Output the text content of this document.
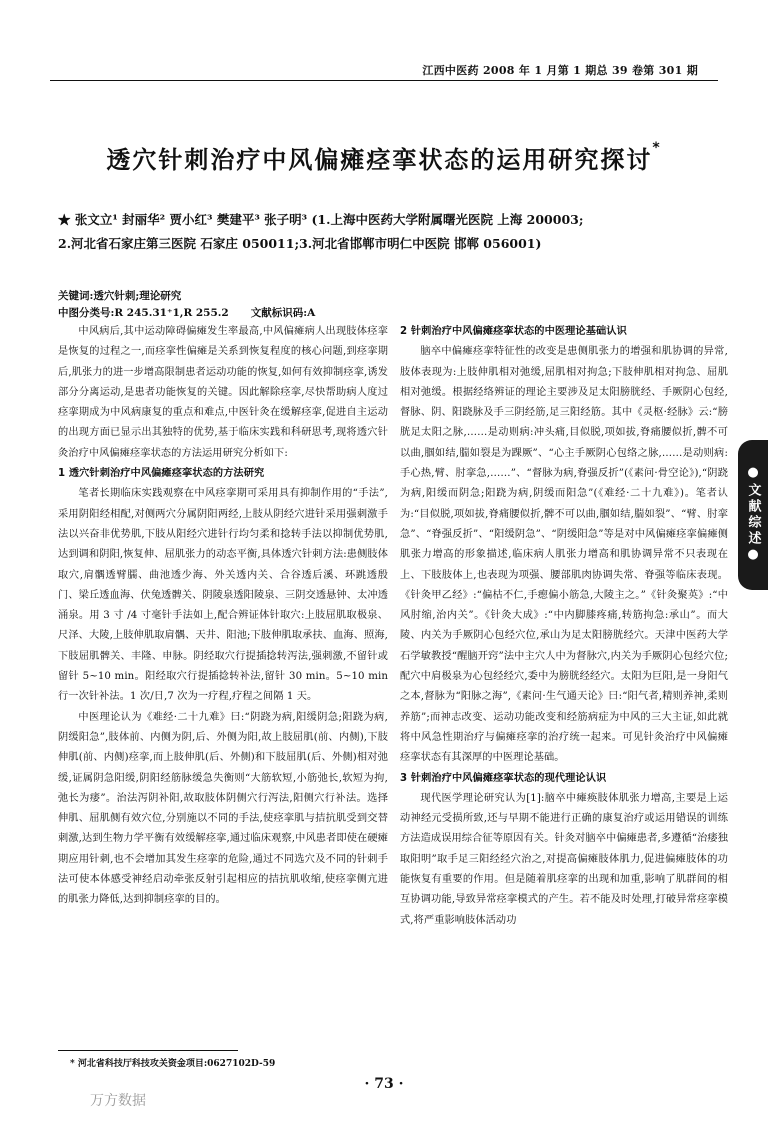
江西中医药 2008 年 1 月第 1 期总 39 卷第 301 期
透穴针刺治疗中风偏瘫痉挛状态的运用研究探讨*
★ 张文立¹ 封丽华² 贾小红³ 樊建平³ 张子明³ (1.上海中医药大学附属曙光医院 上海 200003;
2.河北省石家庄第三医院 石家庄 050011;3.河北省邯郸市明仁中医院 邯郸 056001)
关键词:透穴针刺;理论研究
中图分类号:R 245.31⁺1,R 255.2 文献标识码:A

中风病后,其中运动障碍偏瘫发生率最高,中风偏瘫病人出现肢体痉挛是恢复的过程之一,而痉挛性偏瘫是关系到恢复程度的核心问题,到痉挛期后,肌张力的进一步增高限制患者运动功能的恢复,如何有效抑制痉挛,诱发部分分离运动,是患者功能恢复的关键。因此解除痉挛,尽快帮助病人度过痉挛期成为中风病康复的重点和难点,中医针灸在缓解痉挛,促进自主运动的出现方面已显示出其独特的优势,基于临床实践和科研思考,现将透穴针灸治疗中风偏瘫痉挛状态的方法运用研究分析如下:

1 透穴针刺治疗中风偏瘫痉挛状态的方法研究

笔者长期临床实践观察在中风痉挛期可采用具有抑制作用的“手法”,采用阴阳经相配,对侧两穴分属阴阳两经,上肢从阴经穴进针采用强刺激手法以兴奋非优势肌,下肢从阳经穴进针行均匀柔和捻转手法以抑制优势肌,达到调和阴阳,恢复伸、屈肌张力的动态平衡,具体透穴针刺方法:患侧肢体取穴,肩髃透臂臑、曲池透少海、外关透内关、合谷透后溪、环跳透殷门、梁丘透血海、伏兔透髀关、阴陵泉透阳陵泉、三阴交透悬钟、太冲透涌泉。用 3 寸 /4 寸毫针手法如上,配合辨证体针取穴:上肢屈肌取极泉、尺泽、大陵,上肢伸肌取肩髃、天井、阳池;下肢伸肌取承扶、血海、照海,下肢屈肌髀关、丰隆、申脉。阴经取穴行提插捻转泻法,强刺激,不留针或留针 5~10 min。阳经取穴行提插捻转补法,留针 30 min。5~10 min 行一次针补法。1 次/日,7 次为一疗程,疗程之间隔 1 天。

中医理论认为《难经·二十九难》曰:“阴跷为病,阳缓阴急;阳跷为病,阴缓阳急”,肢体前、内侧为阴,后、外侧为阳,故上肢屈肌(前、内侧),下肢伸肌(前、内侧)痉挛,而上肢伸肌(后、外侧)和下肢屈肌(后、外侧)相对弛缓,证属阴急阳缓,阴阳经筋脉缓急失衡则“大筋软短,小筋弛长,软短为拘,弛长为痿”。治法泻阴补阳,故取肢体阴侧穴行泻法,阳侧穴行补法。选择伸肌、屈肌侧有效穴位,分别施以不同的手法,使痉挛肌与拮抗肌受到交替刺激,达到生物力学平衡有效缓解痉挛,通过临床观察,中风患者即使在硬瘫期应用针刺,也不会增加其发生痉挛的危险,通过不同选穴及不同的针刺手法可使本体感受神经启动牵张反射引起相应的拮抗肌收缩,使痉挛侧亢进的肌张力降低,达到抑制痉挛的目的。

2 针刺治疗中风偏瘫痉挛状态的中医理论基础认识

脑卒中偏瘫痉挛特征性的改变是患侧肌张力的增强和肌协调的异常,肢体表现为:上肢伸肌相对弛缓,屈肌相对拘急;下肢伸肌相对拘急、屈肌相对弛缓。根据经络辨证的理论主要涉及足太阳膀胱经、手厥阴心包经,督脉、阴、阳跷脉及手三阴经筋,足三阳经筋。其中《灵枢·经脉》云:“膀胱足太阳之脉,……是动则病:冲头痛,目似脱,项如拔,脊痛腰似折,髀不可以曲,腘如结,腨如裂是为踝厥”、“心主手厥阴心包络之脉,……是动则病:手心热,臂、肘挛急,……”、“督脉为病,脊强反折”(《素问·骨空论》),“阴跷为病,阳缓而阴急;阳跷为病,阴缓而阳急”(《难经·二十九难》)。笔者认为:“目似脱,项如拔,脊痛腰似折,髀不可以曲,腘如结,腨如裂”、“臂、肘挛急”、“脊强反折”、“阳缓阴急”、“阴缓阳急”等是对中风偏瘫痉挛偏瘫侧肌张力增高的形象描述,临床病人肌张力增高和肌协调异常不只表现在上、下肢肢体上,也表现为项强、腰部肌肉协调失常、脊强等临床表现。《针灸甲乙经》:“偏枯不仁,手瘛偏小筋急,大陵主之。”《针灸聚英》:“中风肘缩,治内关”。《针灸大成》:“中内脚膝疼痛,转筋拘急:承山”。而大陵、内关为手厥阴心包经穴位,承山为足太阳膀胱经穴。天津中医药大学石学敏教授“醒脑开窍”法中主穴人中为督脉穴,内关为手厥阴心包经穴位;配穴中肩极泉为心包经经穴,委中为膀胱经经穴。太阳为巨阳,是一身阳气之本,督脉为“阳脉之海”,《素问·生气通天论》曰:“阳气者,精则养神,柔则养筋”;而神志改变、运动功能改变和经筋病症为中风的三大主证,如此就将中风急性期治疗与偏瘫痉挛的治疗统一起来。可见针灸治疗中风偏瘫痉挛状态有其深厚的中医理论基础。

3 针刺治疗中风偏瘫痉挛状态的现代理论认识

现代医学理论研究认为[1]:脑卒中瘫痪肢体肌张力增高,主要是上运动神经元受损所致,还与早期不能进行正确的康复治疗或运用错误的训练方法造成误用综合征等原因有关。针灸对脑卒中偏瘫患者,多遵循“治痿独取阳明”取手足三阳经经穴治之,对提高偏瘫肢体肌力,促进偏瘫肢体的功能恢复有重要的作用。但是随着肌痉挛的出现和加重,影响了肌群间的相互协调功能,导致异常痉挛模式的产生。若不能及时处理,打破异常痉挛模式,将严重影响肢体活动功

●文献综述●
* 河北省科技厅科技攻关资金项目:0627102D-59
· 73 ·
万方数据
